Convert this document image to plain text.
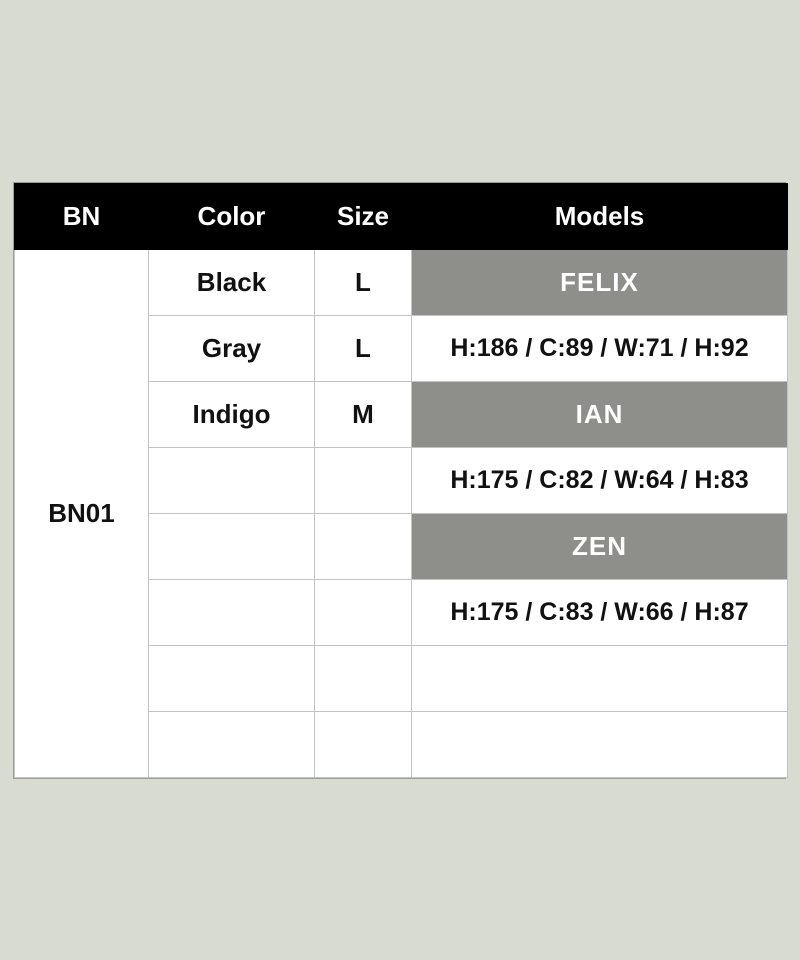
BN	Color	Size	Models
BN01	Black	L	FELIX
	Gray	L	H:186 / C:89 / W:71 / H:92
	Indigo	M	IAN
			H:175 / C:82 / W:64 / H:83
			ZEN
			H:175 / C:83 / W:66 / H:87
